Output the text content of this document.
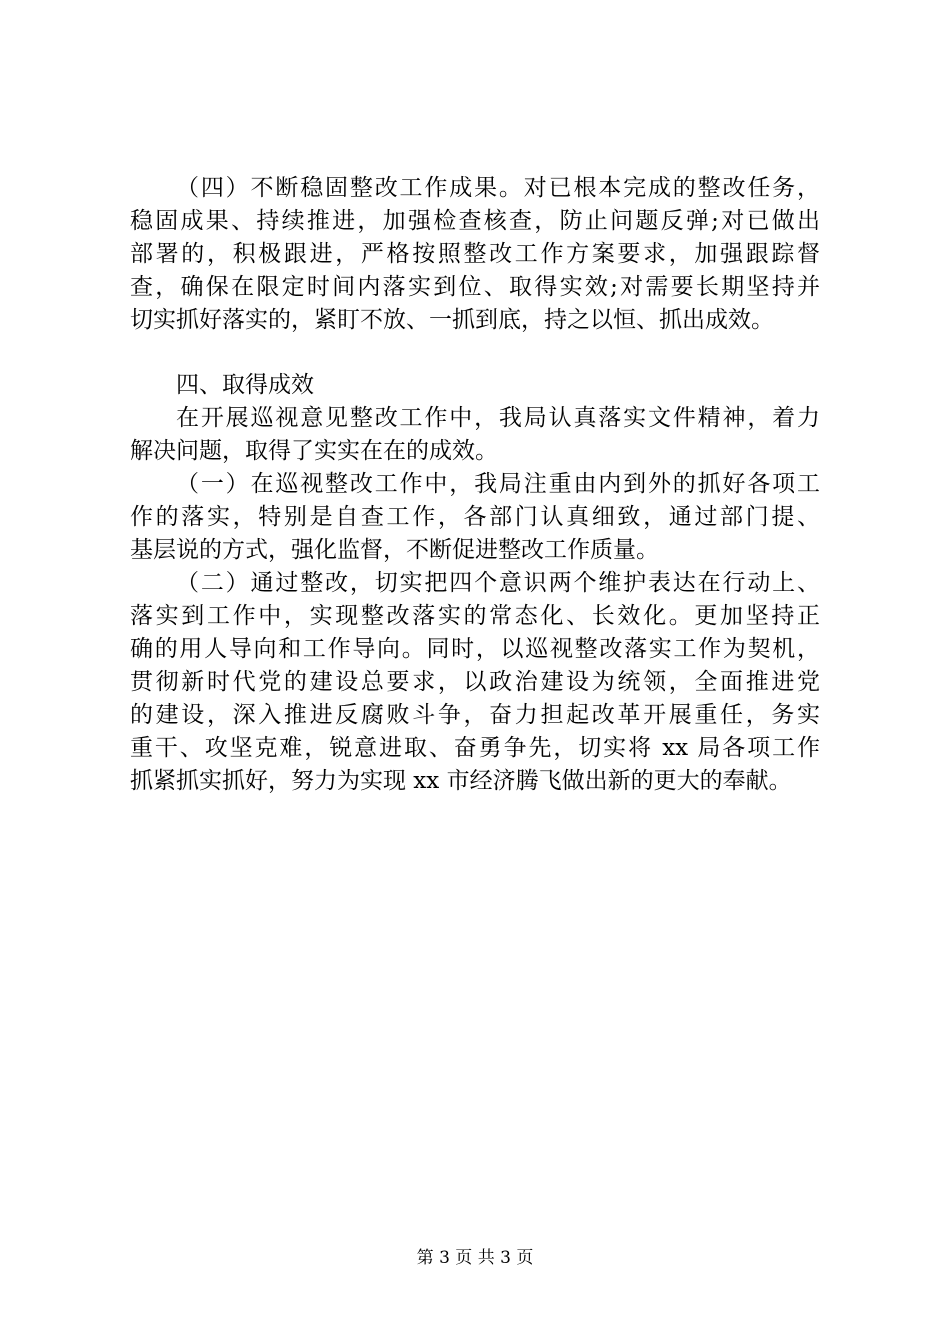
（四）不断稳固整改工作成果。对已根本完成的整改任务，
稳固成果、持续推进，加强检查核查，防止问题反弹;对已做出
部署的，积极跟进，严格按照整改工作方案要求，加强跟踪督
查，确保在限定时间内落实到位、取得实效;对需要长期坚持并
切实抓好落实的，紧盯不放、一抓到底，持之以恒、抓出成效。
四、取得成效
在开展巡视意见整改工作中，我局认真落实文件精神，着力
解决问题，取得了实实在在的成效。
（一）在巡视整改工作中，我局注重由内到外的抓好各项工
作的落实，特别是自查工作，各部门认真细致，通过部门提、
基层说的方式，强化监督，不断促进整改工作质量。
（二）通过整改，切实把四个意识两个维护表达在行动上、
落实到工作中，实现整改落实的常态化、长效化。更加坚持正
确的用人导向和工作导向。同时，以巡视整改落实工作为契机，
贯彻新时代党的建设总要求，以政治建设为统领，全面推进党
的建设，深入推进反腐败斗争，奋力担起改革开展重任，务实
重干、攻坚克难，锐意进取、奋勇争先，切实将 xx 局各项工作
抓紧抓实抓好，努力为实现 xx 市经济腾飞做出新的更大的奉献。
第 3 页 共 3 页
